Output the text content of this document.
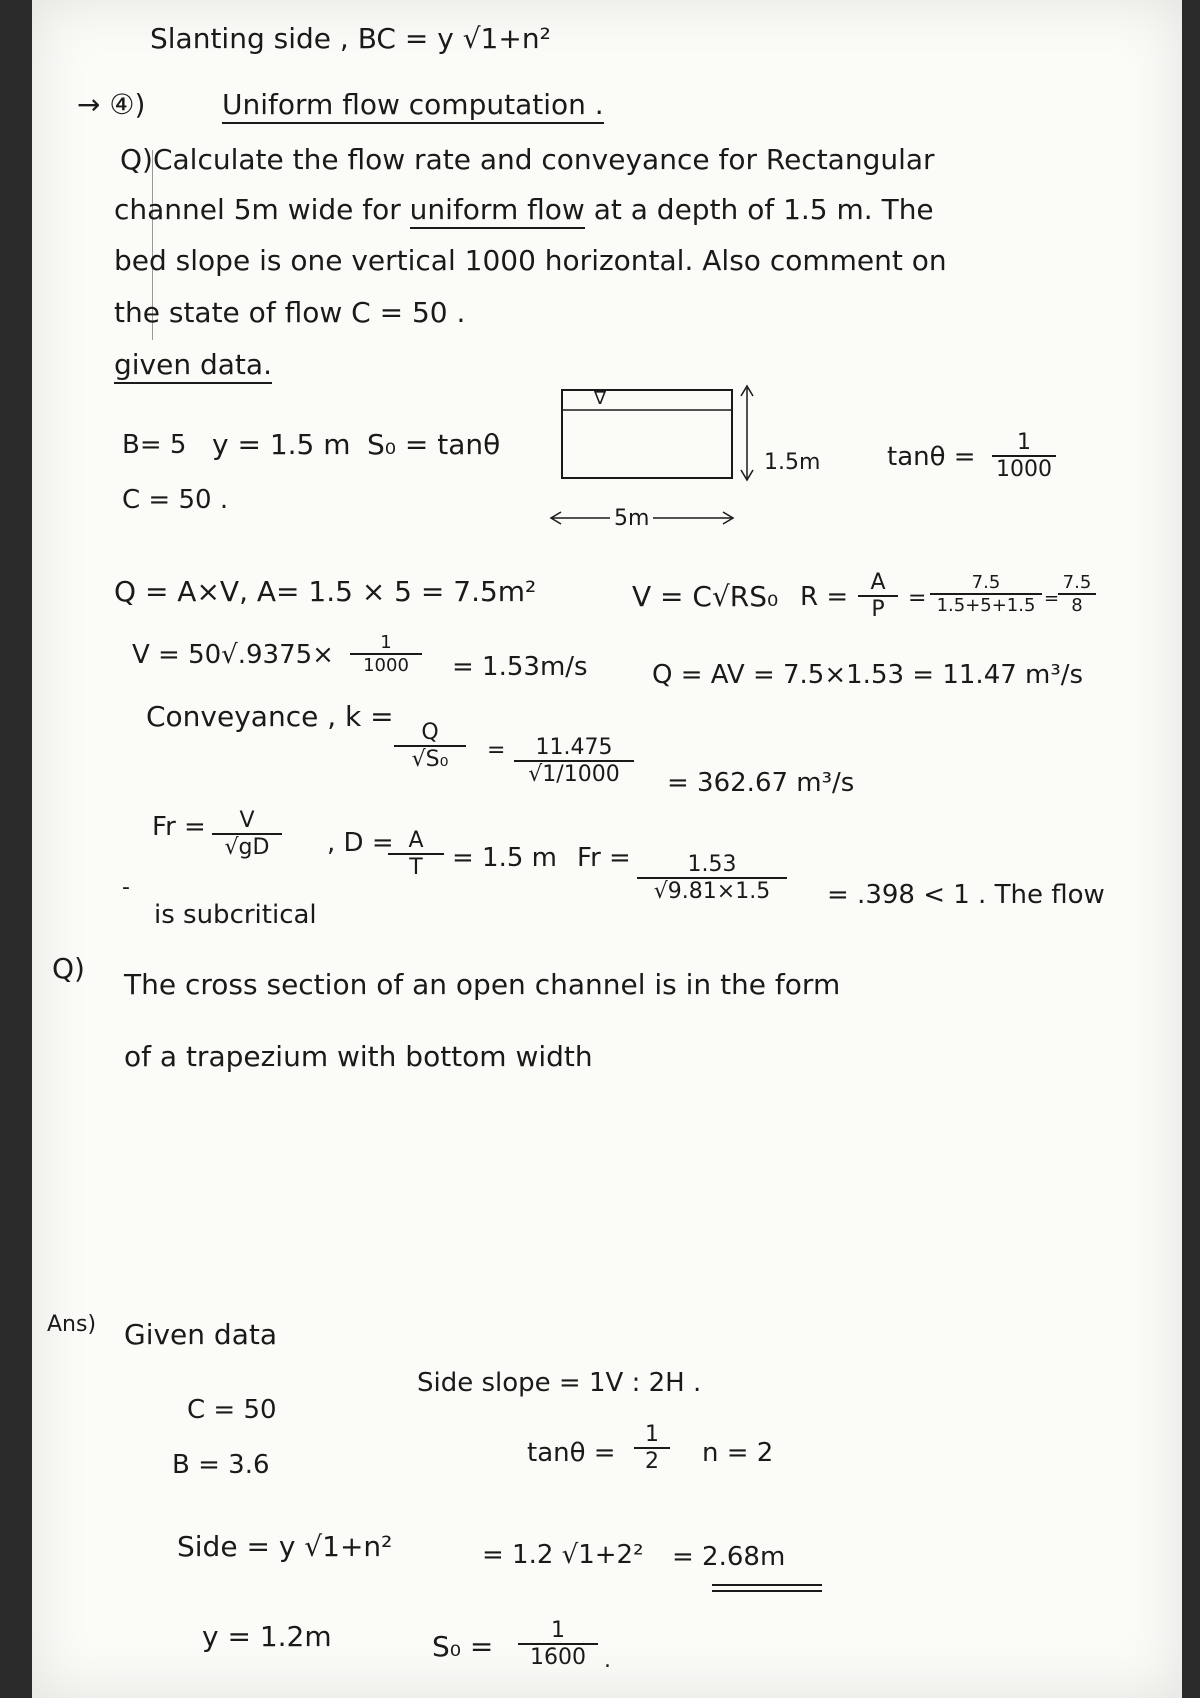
Slanting side , BC = y √1+n²
→ ④)	Uniform flow computation .
Q)Calculate the flow rate and conveyance for Rectangular
channel 5m wide for uniform flow at a depth of 1.5 m. The
bed slope is one vertical 1000 horizontal. Also comment on
the state of flow C = 50 .
given data.
B= 5 y = 1.5 m S₀ = tanθ
C = 50 .
∇
1.5m
5m
$\tan\theta = \frac{1}{1000}$
Q = A×V, A= 1.5 × 5 = 7.5m²	V = C√RS₀ $R = \frac{A}{P} = \frac{7.5}{1.5+5+1.5}$ =
$\frac{7.5}{8}$
$V = 50√.9375\times \frac{1}{1000} = 1.53m/s$ Q = AV = 7.5×1.53 = 11.47 m³/s
Conveyance , k =
$\frac{Q}{\text{√S₀}} = \frac{11.475}{√1/1000} = 362.67$ m³/s
$Fr = \frac{V}{√gD}$ , D =
$\frac{A}{T} = 1.5$ m $Fr = \frac{1.53}{√9.81\times 1.5} = .398 < 1$ . The flow
-
is subcritical
Q) The cross section of an open channel is in the form
of a trapezium with bottom width
Ans) Given data
C = 50
B = 3.6
Side slope = 1V : 2H .
$\tan\theta = \frac{1}{2}$ n = 2
Side = y √1+n²	= 1.2 √1+2² = 2.68m
y = 1.2m	$S_0 = \frac{1}{1600}$ .
